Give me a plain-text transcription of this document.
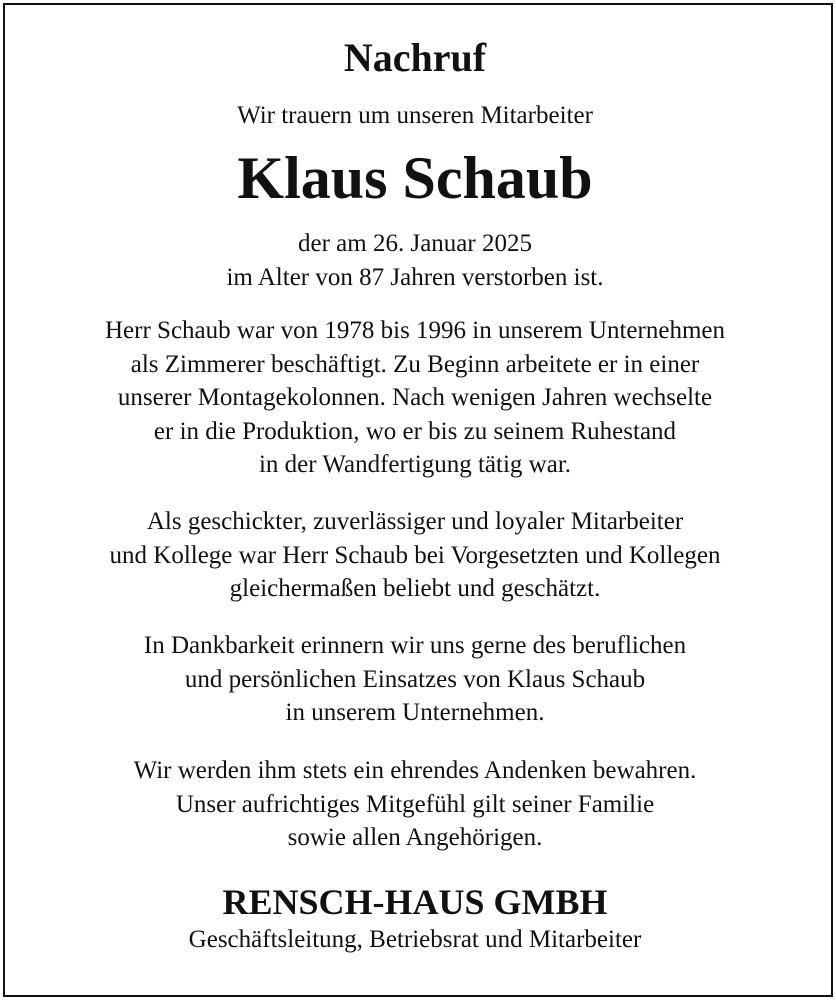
Nachruf

Wir trauern um unseren Mitarbeiter

Klaus Schaub

der am 26. Januar 2025
im Alter von 87 Jahren verstorben ist.

Herr Schaub war von 1978 bis 1996 in unserem Unternehmen
als Zimmerer beschäftigt. Zu Beginn arbeitete er in einer
unserer Montagekolonnen. Nach wenigen Jahren wechselte
er in die Produktion, wo er bis zu seinem Ruhestand
in der Wandfertigung tätig war.

Als geschickter, zuverlässiger und loyaler Mitarbeiter
und Kollege war Herr Schaub bei Vorgesetzten und Kollegen
gleichermaßen beliebt und geschätzt.

In Dankbarkeit erinnern wir uns gerne des beruflichen
und persönlichen Einsatzes von Klaus Schaub
in unserem Unternehmen.

Wir werden ihm stets ein ehrendes Andenken bewahren.
Unser aufrichtiges Mitgefühl gilt seiner Familie
sowie allen Angehörigen.

RENSCH-HAUS GMBH

Geschäftsleitung, Betriebsrat und Mitarbeiter
